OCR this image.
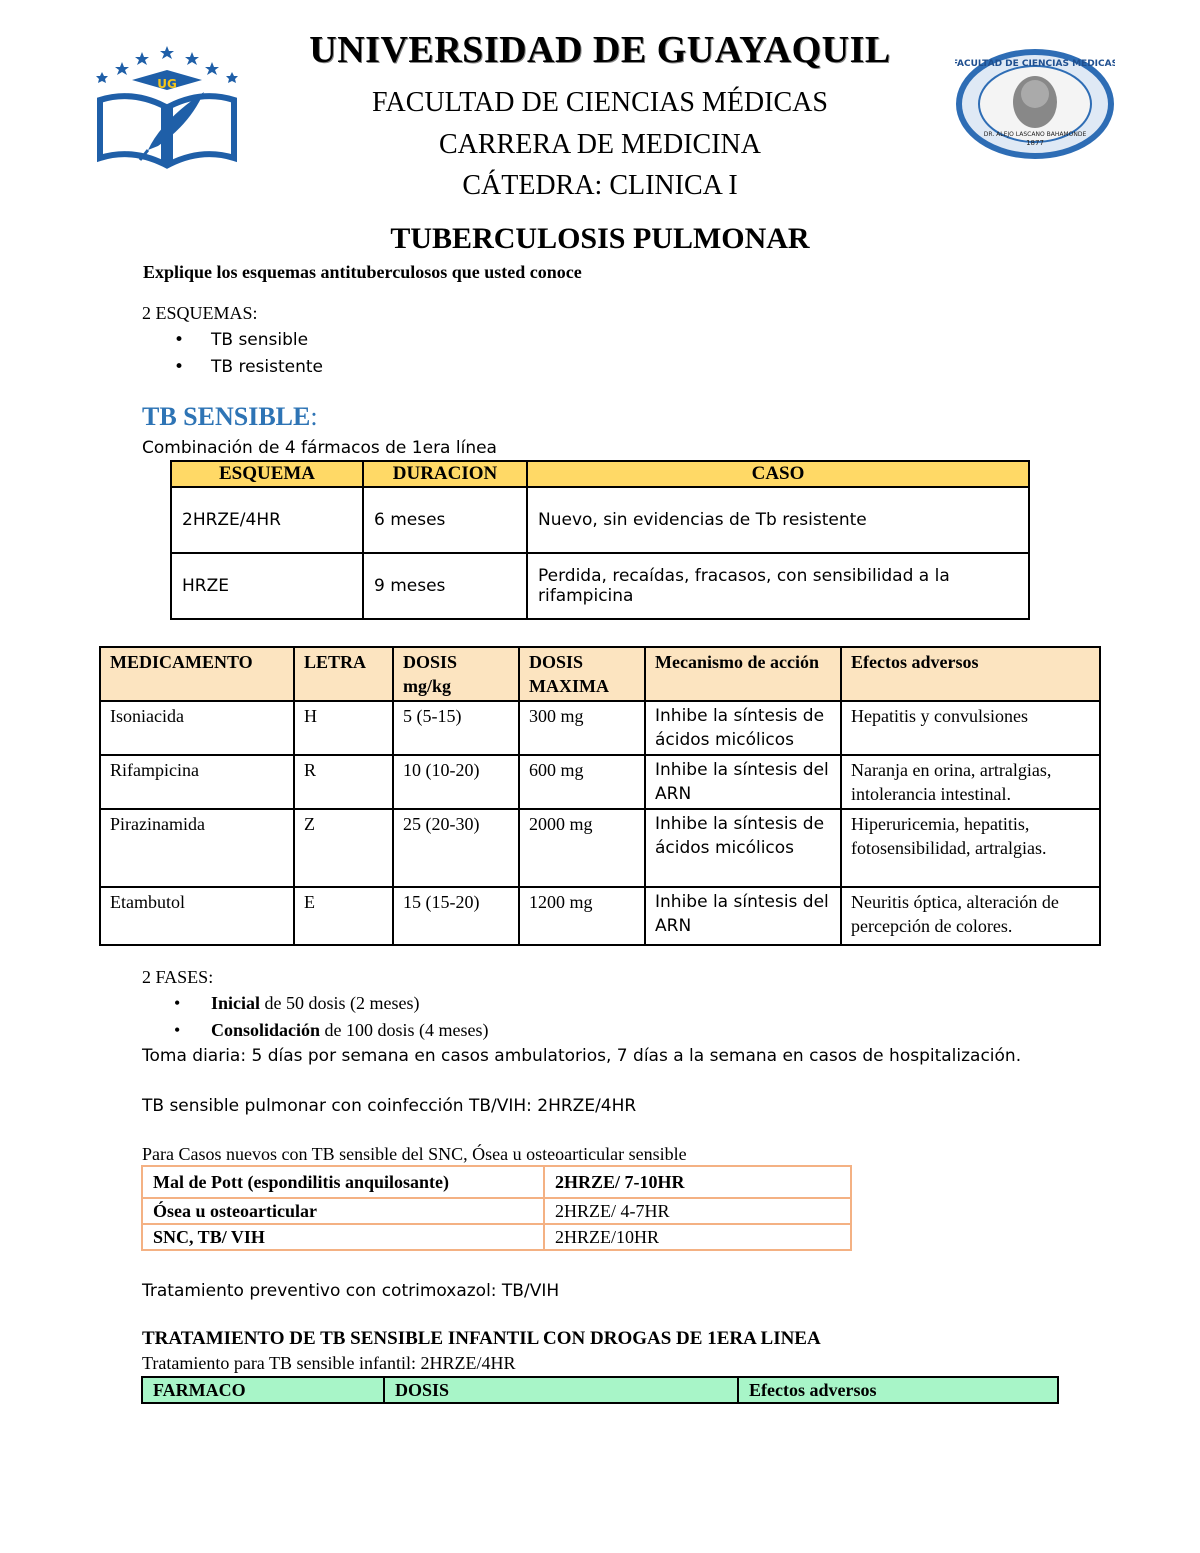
UG
FACULTAD DE CIENCIAS MEDICAS
DR. ALEJO LASCANO BAHAMONDE
1877
UNIVERSIDAD DE GUAYAQUIL
FACULTAD DE CIENCIAS MÉDICAS
CARRERA DE MEDICINA
CÁTEDRA: CLINICA I
TUBERCULOSIS PULMONAR
Explique los esquemas antituberculosos que usted conoce
2 ESQUEMAS:
• TB sensible
• TB resistente
TB SENSIBLE:
Combinación de 4 fármacos de 1era línea
ESQUEMA	DURACION	CASO
2HRZE/4HR	6 meses	Nuevo, sin evidencias de Tb resistente
HRZE	9 meses	Perdida, recaídas, fracasos, con sensibilidad a la rifampicina
MEDICAMENTO	LETRA	DOSIS mg/kg	DOSIS MAXIMA	Mecanismo de acción	Efectos adversos
Isoniacida	H	5 (5-15)	300 mg	Inhibe la síntesis de ácidos micólicos	Hepatitis y convulsiones
Rifampicina	R	10 (10-20)	600 mg	Inhibe la síntesis del ARN	Naranja en orina, artralgias, intolerancia intestinal.
Pirazinamida	Z	25 (20-30)	2000 mg	Inhibe la síntesis de ácidos micólicos	Hiperuricemia, hepatitis, fotosensibilidad, artralgias.
Etambutol	E	15 (15-20)	1200 mg	Inhibe la síntesis del ARN	Neuritis óptica, alteración de percepción de colores.
2 FASES:
• Inicial de 50 dosis (2 meses)
• Consolidación de 100 dosis (4 meses)
Toma diaria: 5 días por semana en casos ambulatorios, 7 días a la semana en casos de hospitalización.
TB sensible pulmonar con coinfección TB/VIH: 2HRZE/4HR
Para Casos nuevos con TB sensible del SNC, Ósea u osteoarticular sensible
Mal de Pott (espondilitis anquilosante)	2HRZE/ 7-10HR
Ósea u osteoarticular	2HRZE/ 4-7HR
SNC, TB/ VIH	2HRZE/10HR
Tratamiento preventivo con cotrimoxazol: TB/VIH
TRATAMIENTO DE TB SENSIBLE INFANTIL CON DROGAS DE 1ERA LINEA
Tratamiento para TB sensible infantil: 2HRZE/4HR
FARMACO	DOSIS	Efectos adversos
